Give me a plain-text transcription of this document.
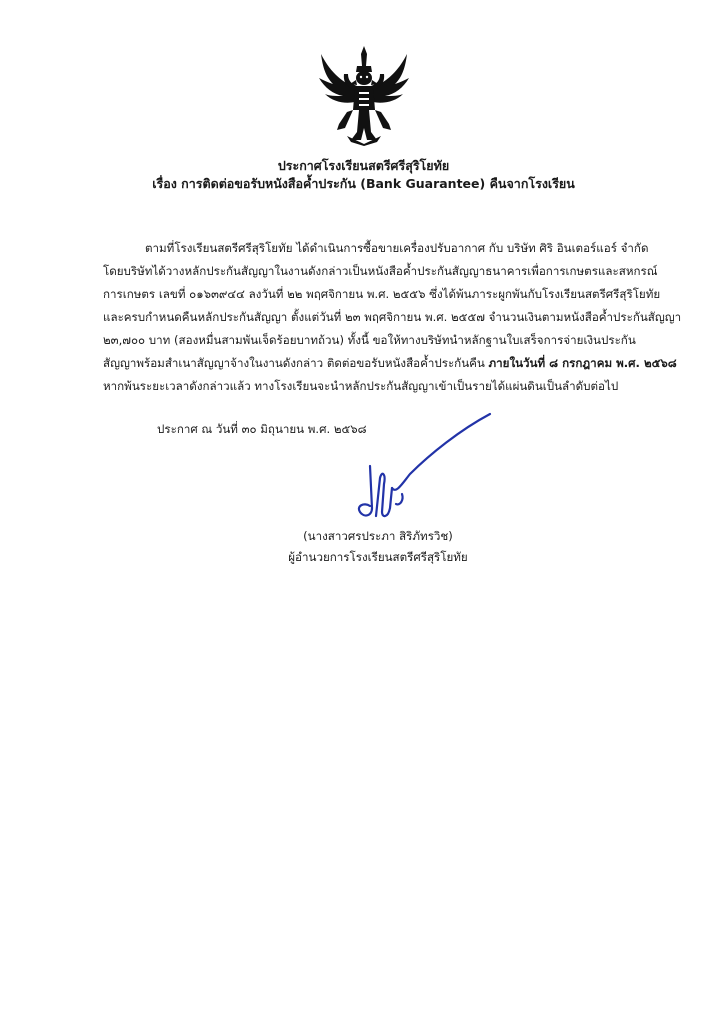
ประกาศโรงเรียนสตรีศรีสุริโยทัย
เรื่อง การติดต่อขอรับหนังสือค้ำประกัน (Bank Guarantee) คืนจากโรงเรียน
ตามที่โรงเรียนสตรีศรีสุริโยทัย ได้ดำเนินการซื้อขายเครื่องปรับอากาศ กับ บริษัท ศิริ อินเตอร์แอร์ จำกัด
โดยบริษัทได้วางหลักประกันสัญญาในงานดังกล่าวเป็นหนังสือค้ำประกันสัญญาธนาคารเพื่อการเกษตรและสหกรณ์
การเกษตร เลขที่ ๐๑๖๓๙๔๔ ลงวันที่ ๒๒ พฤศจิกายน พ.ศ. ๒๕๕๖ ซึ่งได้พ้นภาระผูกพันกับโรงเรียนสตรีศรีสุริโยทัย
และครบกำหนดคืนหลักประกันสัญญา ตั้งแต่วันที่ ๒๓ พฤศจิกายน พ.ศ. ๒๕๕๗ จำนวนเงินตามหนังสือค้ำประกันสัญญา
๒๓,๗๐๐ บาท (สองหมื่นสามพันเจ็ดร้อยบาทถ้วน) ทั้งนี้ ขอให้ทางบริษัทนำหลักฐานใบเสร็จการจ่ายเงินประกัน
สัญญาพร้อมสำเนาสัญญาจ้างในงานดังกล่าว ติดต่อขอรับหนังสือค้ำประกันคืน ภายในวันที่ ๘ กรกฎาคม พ.ศ. ๒๕๖๘
หากพ้นระยะเวลาดังกล่าวแล้ว ทางโรงเรียนจะนำหลักประกันสัญญาเข้าเป็นรายได้แผ่นดินเป็นลำดับต่อไป
ประกาศ ณ วันที่ ๓๐ มิถุนายน พ.ศ. ๒๕๖๘
(นางสาวศรประภา สิริภัทรวิช)
ผู้อำนวยการโรงเรียนสตรีศรีสุริโยทัย
